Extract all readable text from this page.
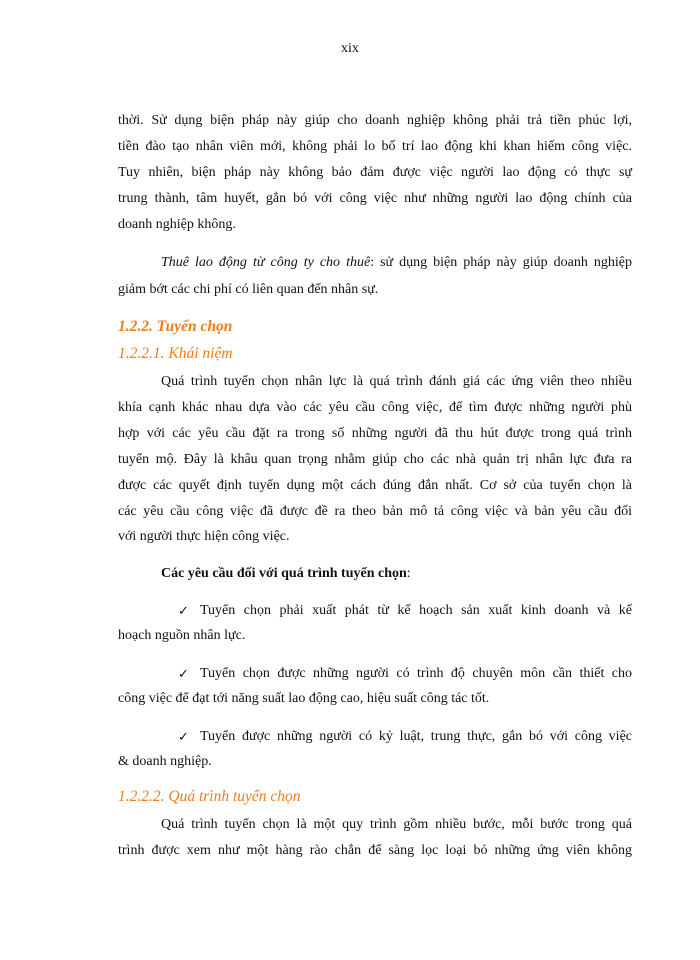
xix
thời. Sử dụng biện pháp này giúp cho doanh nghiệp không phải trả tiền phúc lợi,
tiền đào tạo nhân viên mới, không phải lo bố trí lao động khi khan hiếm công việc.
Tuy nhiên, biện pháp này không bảo đảm được việc người lao động có thực sự
trung thành, tâm huyết, gắn bó với công việc như những người lao động chính của
doanh nghiệp không.
Thuê lao động từ công ty cho thuê: sử dụng biện pháp này giúp doanh nghiệp
giảm bớt các chi phí có liên quan đến nhân sự.
1.2.2. Tuyển chọn
1.2.2.1. Khái niệm
Quá trình tuyển chọn nhân lực là quá trình đánh giá các ứng viên theo nhiều
khía cạnh khác nhau dựa vào các yêu cầu công việc, để tìm được những người phù
hợp với các yêu cầu đặt ra trong số những người đã thu hút được trong quá trình
tuyển mộ. Đây là khâu quan trọng nhằm giúp cho các nhà quản trị nhân lực đưa ra
được các quyết định tuyển dụng một cách đúng đắn nhất. Cơ sở của tuyển chọn là
các yêu cầu công việc đã được đề ra theo bản mô tả công việc và bản yêu cầu đối
với người thực hiện công việc.
Các yêu cầu đối với quá trình tuyển chọn:
✓ Tuyển chọn phải xuất phát từ kế hoạch sản xuất kinh doanh và kế
hoạch nguồn nhân lực.
✓ Tuyển chọn được những người có trình độ chuyên môn cần thiết cho
công việc để đạt tới năng suất lao động cao, hiệu suất công tác tốt.
✓ Tuyển được những người có kỷ luật, trung thực, gắn bó với công việc
& doanh nghiệp.
1.2.2.2. Quá trình tuyển chọn
Quá trình tuyển chọn là một quy trình gồm nhiều bước, mỗi bước trong quá
trình được xem như một hàng rào chắn để sàng lọc loại bỏ những ứng viên không
